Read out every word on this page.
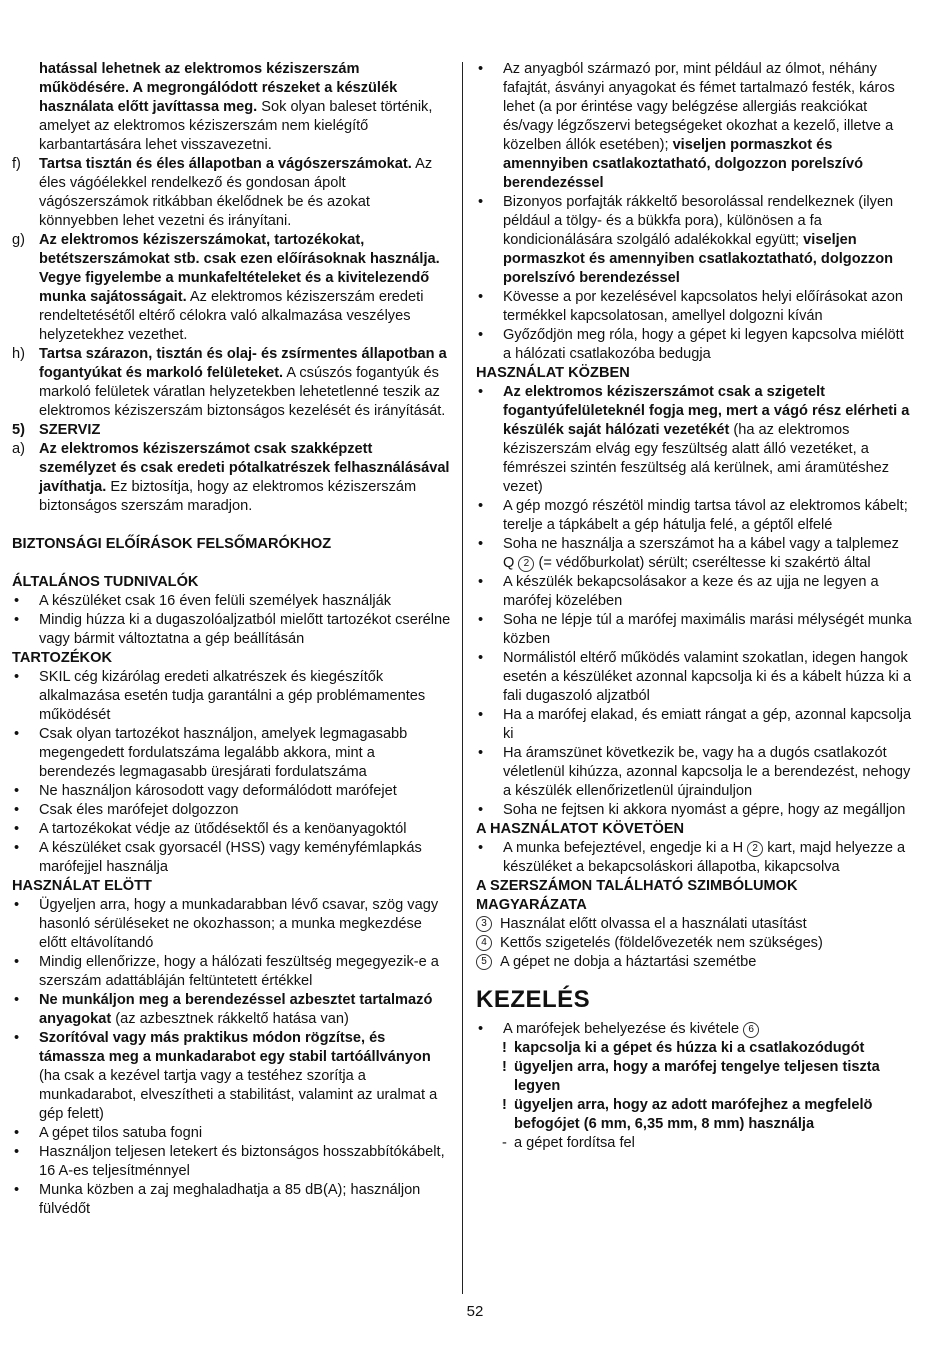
hatással lehetnek az elektromos kéziszerszám működésére. A megrongálódott részeket a készülék használata előtt javíttassa meg. Sok olyan baleset történik, amelyet az elektromos kéziszerszám nem kielégítő karbantartására lehet visszavezetni.

f) Tartsa tisztán és éles állapotban a vágószerszámokat. Az éles vágóélekkel rendelkező és gondosan ápolt vágószerszámok ritkábban ékelődnek be és azokat könnyebben lehet vezetni és irányítani.
g) Az elektromos kéziszerszámokat, tartozékokat, betétszerszámokat stb. csak ezen előírásoknak használja. Vegye figyelembe a munkafeltételeket és a kivitelezendő munka sajátosságait. Az elektromos kéziszerszám eredeti rendeltetésétől eltérő célokra való alkalmazása veszélyes helyzetekhez vezethet.
h) Tartsa szárazon, tisztán és olaj- és zsírmentes állapotban a fogantyúkat és markoló felületeket. A csúszós fogantyúk és markoló felületek váratlan helyzetekben lehetetlenné teszik az elektromos kéziszerszám biztonságos kezelését és irányítását.
5) SZERVIZ
a) Az elektromos kéziszerszámot csak szakképzett személyzet és csak eredeti pótalkatrészek felhasználásával javíthatja. Ez biztosítja, hogy az elektromos kéziszerszám biztonságos szerszám maradjon.

BIZTONSÁGI ELŐÍRÁSOK FELSŐMARÓKHOZ

ÁLTALÁNOS TUDNIVALÓK

• A készüléket csak 16 éven felüli személyek használják
• Mindig húzza ki a dugaszolóaljzatból mielőtt tartozékot cserélne vagy bármit változtatna a gép beállításán

TARTOZÉKOK

• SKIL cég kizárólag eredeti alkatrészek és kiegészítők alkalmazása esetén tudja garantálni a gép problémamentes működését
• Csak olyan tartozékot használjon, amelyek legmagasabb megengedett fordulatszáma legalább akkora, mint a berendezés legmagasabb üresjárati fordulatszáma
• Ne használjon károsodott vagy deformálódott marófejet
• Csak éles marófejet dolgozzon
• A tartozékokat védje az ütődésektől és a kenöanyagoktól
• A készüléket csak gyorsacél (HSS) vagy keményfémlapkás marófejjel használja

HASZNÁLAT ELÖTT

• Ügyeljen arra, hogy a munkadarabban lévő csavar, szög vagy hasonló sérüléseket ne okozhasson; a munka megkezdése előtt eltávolítandó
• Mindig ellenőrizze, hogy a hálózati feszültség megegyezik-e a szerszám adattábláján feltüntetett értékkel
• Ne munkáljon meg a berendezéssel azbesztet tartalmazó anyagokat (az azbesztnek rákkeltő hatása van)
• Szorítóval vagy más praktikus módon rögzítse, és támassza meg a munkadarabot egy stabil tartóállványon (ha csak a kezével tartja vagy a testéhez szorítja a munkadarabot, elveszítheti a stabilitást, valamint az uralmat a gép felett)
• A gépet tilos satuba fogni
• Használjon teljesen letekert és biztonságos hosszabbítókábelt, 16 A-es teljesítménnyel
• Munka közben a zaj meghaladhatja a 85 dB(A); használjon fülvédőt
• Az anyagból származó por, mint például az ólmot, néhány fafajtát, ásványi anyagokat és fémet tartalmazó festék, káros lehet (a por érintése vagy belégzése allergiás reakciókat és/vagy légzőszervi betegségeket okozhat a kezelő, illetve a közelben állók esetében); viseljen pormaszkot és amennyiben csatlakoztatható, dolgozzon porelszívó berendezéssel
• Bizonyos porfajták rákkeltő besorolással rendelkeznek (ilyen például a tölgy- és a bükkfa pora), különösen a fa kondicionálására szolgáló adalékokkal együtt; viseljen pormaszkot és amennyiben csatlakoztatható, dolgozzon porelszívó berendezéssel
• Kövesse a por kezelésével kapcsolatos helyi előírásokat azon termékkel kapcsolatosan, amellyel dolgozni kíván
• Győződjön meg róla, hogy a gépet ki legyen kapcsolva miélött a hálózati csatlakozóba bedugja

HASZNÁLAT KÖZBEN

• Az elektromos kéziszerszámot csak a szigetelt fogantyúfelületeknél fogja meg, mert a vágó rész elérheti a készülék saját hálózati vezetékét (ha az elektromos kéziszerszám elvág egy feszültség alatt álló vezetéket, a fémrészei szintén feszültség alá kerülnek, ami áramütéshez vezet)
• A gép mozgó részétöl mindig tartsa távol az elektromos kábelt; terelje a tápkábelt a gép hátulja felé, a géptől elfelé
• Soha ne használja a szerszámot ha a kábel vagy a talplemez Q 2 (= védőburkolat) sérült; cseréltesse ki szakértö által
• A készülék bekapcsolásakor a keze és az ujja ne legyen a marófej közelében
• Soha ne lépje túl a marófej maximális marási mélységét munka közben
• Normálistól eltérő működés valamint szokatlan, idegen hangok esetén a készüléket azonnal kapcsolja ki és a kábelt húzza ki a fali dugaszoló aljzatból
• Ha a marófej elakad, és emiatt rángat a gép, azonnal kapcsolja ki
• Ha áramszünet következik be, vagy ha a dugós csatlakozót véletlenül kihúzza, azonnal kapcsolja le a berendezést, nehogy a készülék ellenőrizetlenül újrainduljon
• Soha ne fejtsen ki akkora nyomást a gépre, hogy az megálljon

A HASZNÁLATOT KÖVETÖEN

• A munka befejeztével, engedje ki a H 2 kart, majd helyezze a készüléket a bekapcsoláskori állapotba, kikapcsolva

A SZERSZÁMON TALÁLHATÓ SZIMBÓLUMOK MAGYARÁZATA

3 Használat előtt olvassa el a használati utasítást
4 Kettős szigetelés (földelővezeték nem szükséges)
5 A gépet ne dobja a háztartási szemétbe
KEZELÉS
• A marófejek behelyezése és kivétele 6
! kapcsolja ki a gépet és húzza ki a csatlakozódugót
! ügyeljen arra, hogy a marófej tengelye teljesen tiszta legyen
! ügyeljen arra, hogy az adott marófejhez a megfelelö befogójet (6 mm, 6,35 mm, 8 mm) használja
- a gépet fordítsa fel
52
